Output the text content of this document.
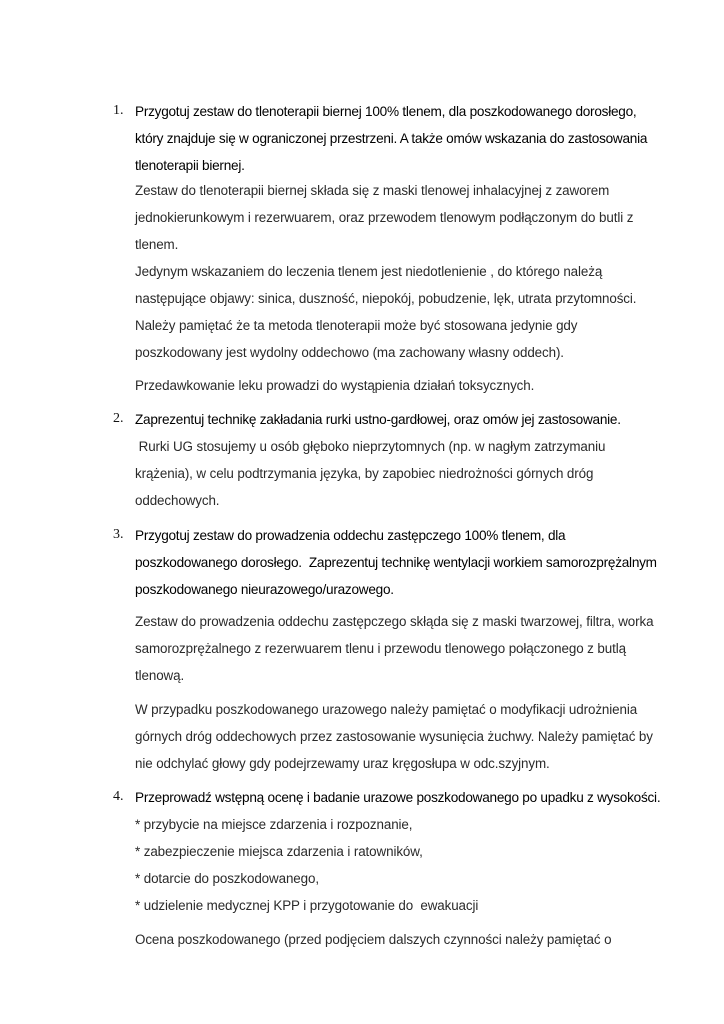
1. Przygotuj zestaw do tlenoterapii biernej 100% tlenem, dla poszkodowanego dorosłego,
który znajduje się w ograniczonej przestrzeni. A także omów wskazania do zastosowania
tlenoterapii biernej.
Zestaw do tlenoterapii biernej składa się z maski tlenowej inhalacyjnej z zaworem
jednokierunkowym i rezerwuarem, oraz przewodem tlenowym podłączonym do butli z
tlenem.
Jedynym wskazaniem do leczenia tlenem jest niedotlenienie , do którego należą
następujące objawy: sinica, duszność, niepokój, pobudzenie, lęk, utrata przytomności.
Należy pamiętać że ta metoda tlenoterapii może być stosowana jedynie gdy
poszkodowany jest wydolny oddechowo (ma zachowany własny oddech).
Przedawkowanie leku prowadzi do wystąpienia działań toksycznych.
2. Zaprezentuj technikę zakładania rurki ustno-gardłowej, oraz omów jej zastosowanie.
Rurki UG stosujemy u osób głęboko nieprzytomnych (np. w nagłym zatrzymaniu
krążenia), w celu podtrzymania języka, by zapobiec niedrożności górnych dróg
oddechowych.
3. Przygotuj zestaw do prowadzenia oddechu zastępczego 100% tlenem, dla
poszkodowanego dorosłego.  Zaprezentuj technikę wentylacji workiem samorozprężalnym
poszkodowanego nieurazowego/urazowego.
Zestaw do prowadzenia oddechu zastępczego skłąda się z maski twarzowej, filtra, worka
samorozprężalnego z rezerwuarem tlenu i przewodu tlenowego połączonego z butlą
tlenową.
W przypadku poszkodowanego urazowego należy pamiętać o modyfikacji udrożnienia
górnych dróg oddechowych przez zastosowanie wysunięcia żuchwy. Należy pamiętać by
nie odchylać głowy gdy podejrzewamy uraz kręgosłupa w odc.szyjnym.
4. Przeprowadź wstępną ocenę i badanie urazowe poszkodowanego po upadku z wysokości.
* przybycie na miejsce zdarzenia i rozpoznanie,
* zabezpieczenie miejsca zdarzenia i ratowników,
* dotarcie do poszkodowanego,
* udzielenie medycznej KPP i przygotowanie do  ewakuacji
Ocena poszkodowanego (przed podjęciem dalszych czynności należy pamiętać o
